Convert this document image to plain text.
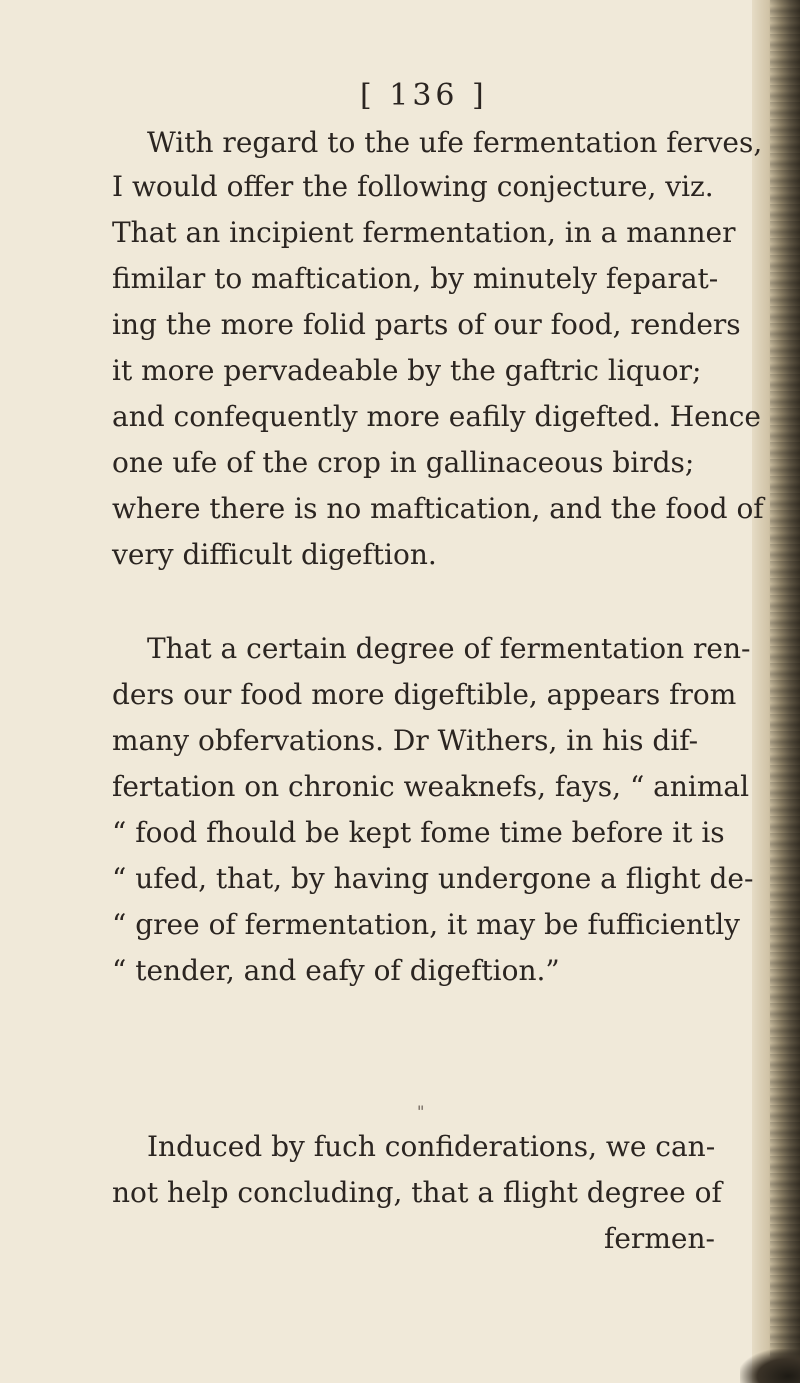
[ 136 ]
With regard to the ufe fermentation ferves,
I would offer the following conjecture, viz.
That an incipient fermentation, in a manner
fimilar to maftication, by minutely feparat-
ing the more folid parts of our food, renders
it more pervadeable by the gaftric liquor;
and confequently more eafily digefted. Hence
one ufe of the crop in gallinaceous birds;
where there is no maftication, and the food of
very difficult digeftion.
That a certain degree of fermentation ren-
ders our food more digeftible, appears from
many obfervations. Dr Withers, in his dif-
fertation on chronic weaknefs, fays, “ animal
“ food fhould be kept fome time before it is
“ ufed, that, by having undergone a flight de-
“ gree of fermentation, it may be fufficiently
“ tender, and eafy of digeftion.”
"
Induced by fuch confiderations, we can-
not help concluding, that a flight degree of
fermen-
